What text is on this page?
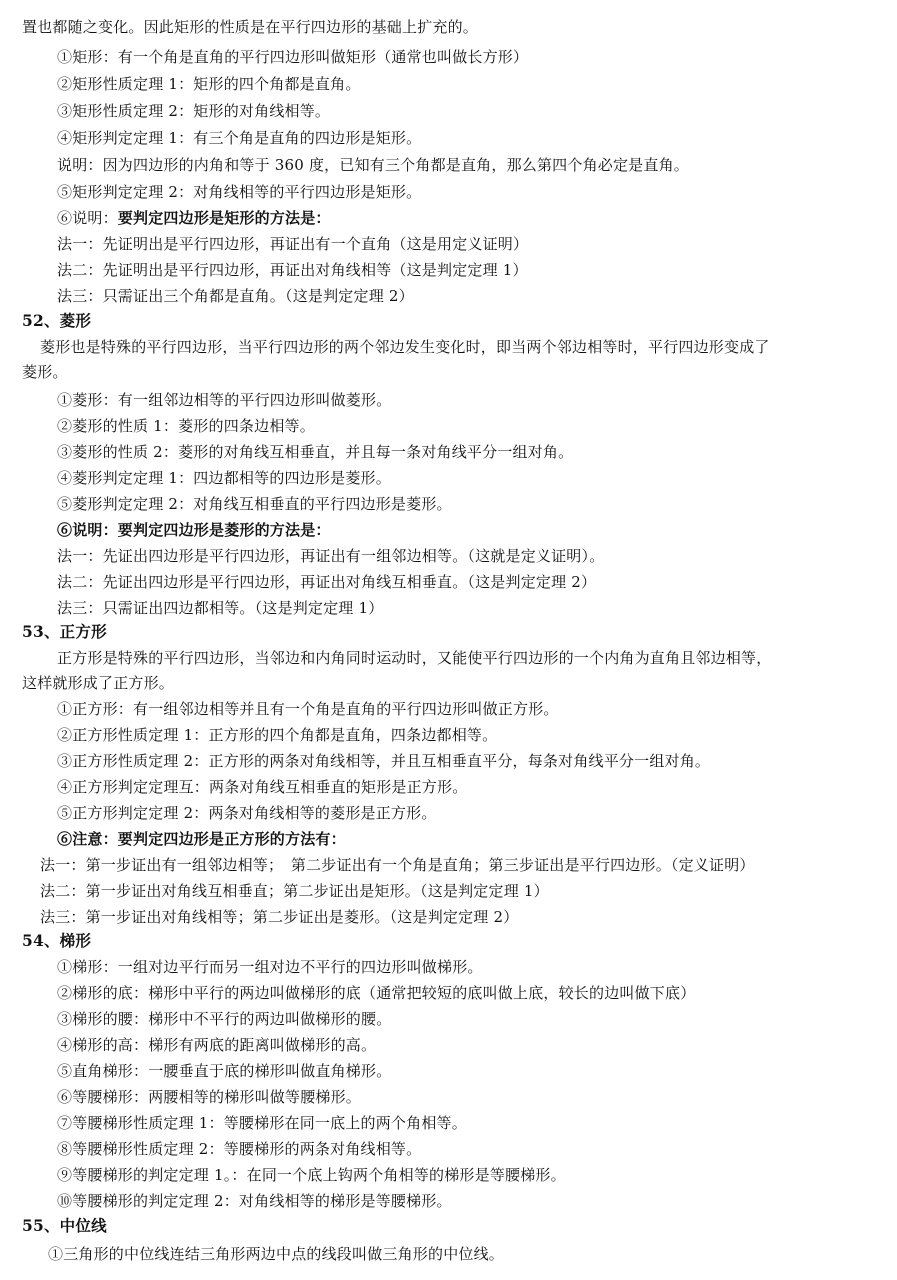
置也都随之变化。因此矩形的性质是在平行四边形的基础上扩充的。
①矩形：有一个角是直角的平行四边形叫做矩形（通常也叫做长方形）
②矩形性质定理 1：矩形的四个角都是直角。
③矩形性质定理 2：矩形的对角线相等。
④矩形判定定理 1：有三个角是直角的四边形是矩形。
说明：因为四边形的内角和等于 360 度，已知有三个角都是直角，那么第四个角必定是直角。
⑤矩形判定定理 2：对角线相等的平行四边形是矩形。
⑥说明：要判定四边形是矩形的方法是：
法一：先证明出是平行四边形，再证出有一个直角（这是用定义证明）
法二：先证明出是平行四边形，再证出对角线相等（这是判定定理 1）
法三：只需证出三个角都是直角。（这是判定定理 2）
52、菱形
菱形也是特殊的平行四边形，当平行四边形的两个邻边发生变化时，即当两个邻边相等时，平行四边形变成了
菱形。
①菱形：有一组邻边相等的平行四边形叫做菱形。
②菱形的性质 1：菱形的四条边相等。
③菱形的性质 2：菱形的对角线互相垂直，并且每一条对角线平分一组对角。
④菱形判定定理 1：四边都相等的四边形是菱形。
⑤菱形判定定理 2：对角线互相垂直的平行四边形是菱形。
⑥说明：要判定四边形是菱形的方法是：
法一：先证出四边形是平行四边形，再证出有一组邻边相等。（这就是定义证明）。
法二：先证出四边形是平行四边形，再证出对角线互相垂直。（这是判定定理 2）
法三：只需证出四边都相等。（这是判定定理 1）
53、正方形
正方形是特殊的平行四边形，当邻边和内角同时运动时，又能使平行四边形的一个内角为直角且邻边相等，
这样就形成了正方形。
①正方形：有一组邻边相等并且有一个角是直角的平行四边形叫做正方形。
②正方形性质定理 1：正方形的四个角都是直角，四条边都相等。
③正方形性质定理 2：正方形的两条对角线相等，并且互相垂直平分，每条对角线平分一组对角。
④正方形判定定理互：两条对角线互相垂直的矩形是正方形。
⑤正方形判定定理 2：两条对角线相等的菱形是正方形。
⑥注意：要判定四边形是正方形的方法有：
法一：第一步证出有一组邻边相等；　第二步证出有一个角是直角；第三步证出是平行四边形。（定义证明）
法二：第一步证出对角线互相垂直；第二步证出是矩形。（这是判定定理 1）
法三：第一步证出对角线相等；第二步证出是菱形。（这是判定定理 2）
54、梯形
①梯形：一组对边平行而另一组对边不平行的四边形叫做梯形。
②梯形的底：梯形中平行的两边叫做梯形的底（通常把较短的底叫做上底，较长的边叫做下底）
③梯形的腰：梯形中不平行的两边叫做梯形的腰。
④梯形的高：梯形有两底的距离叫做梯形的高。
⑤直角梯形：一腰垂直于底的梯形叫做直角梯形。
⑥等腰梯形：两腰相等的梯形叫做等腰梯形。
⑦等腰梯形性质定理 1：等腰梯形在同一底上的两个角相等。
⑧等腰梯形性质定理 2：等腰梯形的两条对角线相等。
⑨等腰梯形的判定定理 1。：在同一个底上钩两个角相等的梯形是等腰梯形。
⑩等腰梯形的判定定理 2：对角线相等的梯形是等腰梯形。
55、中位线
①三角形的中位线连结三角形两边中点的线段叫做三角形的中位线。
